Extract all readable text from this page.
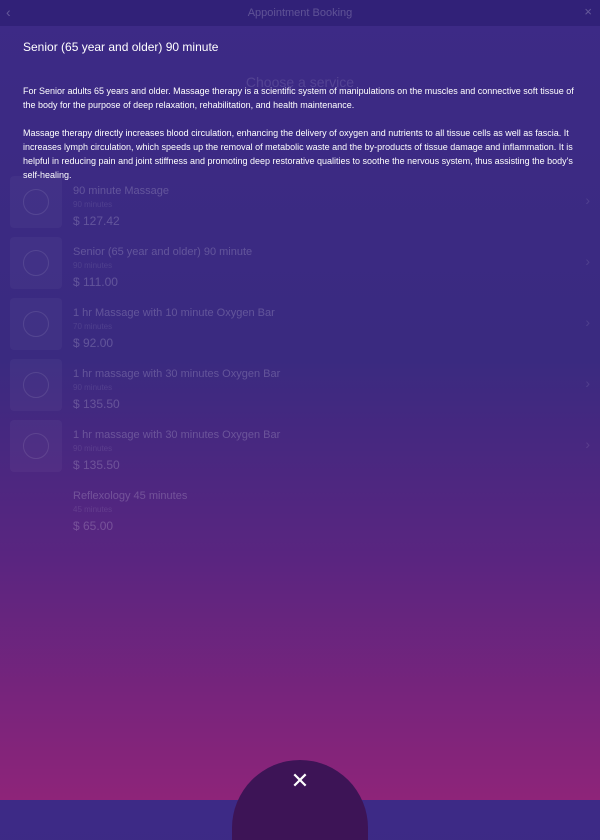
‹	Appointment Booking	×
Choose a service
90 minute Massage
90 minutes
$ 127.42
›
Senior (65 year and older) 90 minute
90 minutes
$ 111.00
›
1 hr Massage with 10 minute Oxygen Bar
70 minutes
$ 92.00
›
1 hr massage with 30 minutes Oxygen Bar
90 minutes
$ 135.50
›
1 hr massage with 30 minutes Oxygen Bar
90 minutes
$ 135.50
›
Reflexology 45 minutes
45 minutes
$ 65.00
Senior (65 year and older) 90 minute

For Senior adults 65 years and older. Massage therapy is a scientific system of manipulations on the muscles and connective soft tissue of the body for the purpose of deep relaxation, rehabilitation, and health maintenance.

Massage therapy directly increases blood circulation, enhancing the delivery of oxygen and nutrients to all tissue cells as well as fascia. It increases lymph circulation, which speeds up the removal of metabolic waste and the by-products of tissue damage and inflammation. It is helpful in reducing pain and joint stiffness and promoting deep restorative qualities to soothe the nervous system, thus assisting the body's self-healing.

✕
